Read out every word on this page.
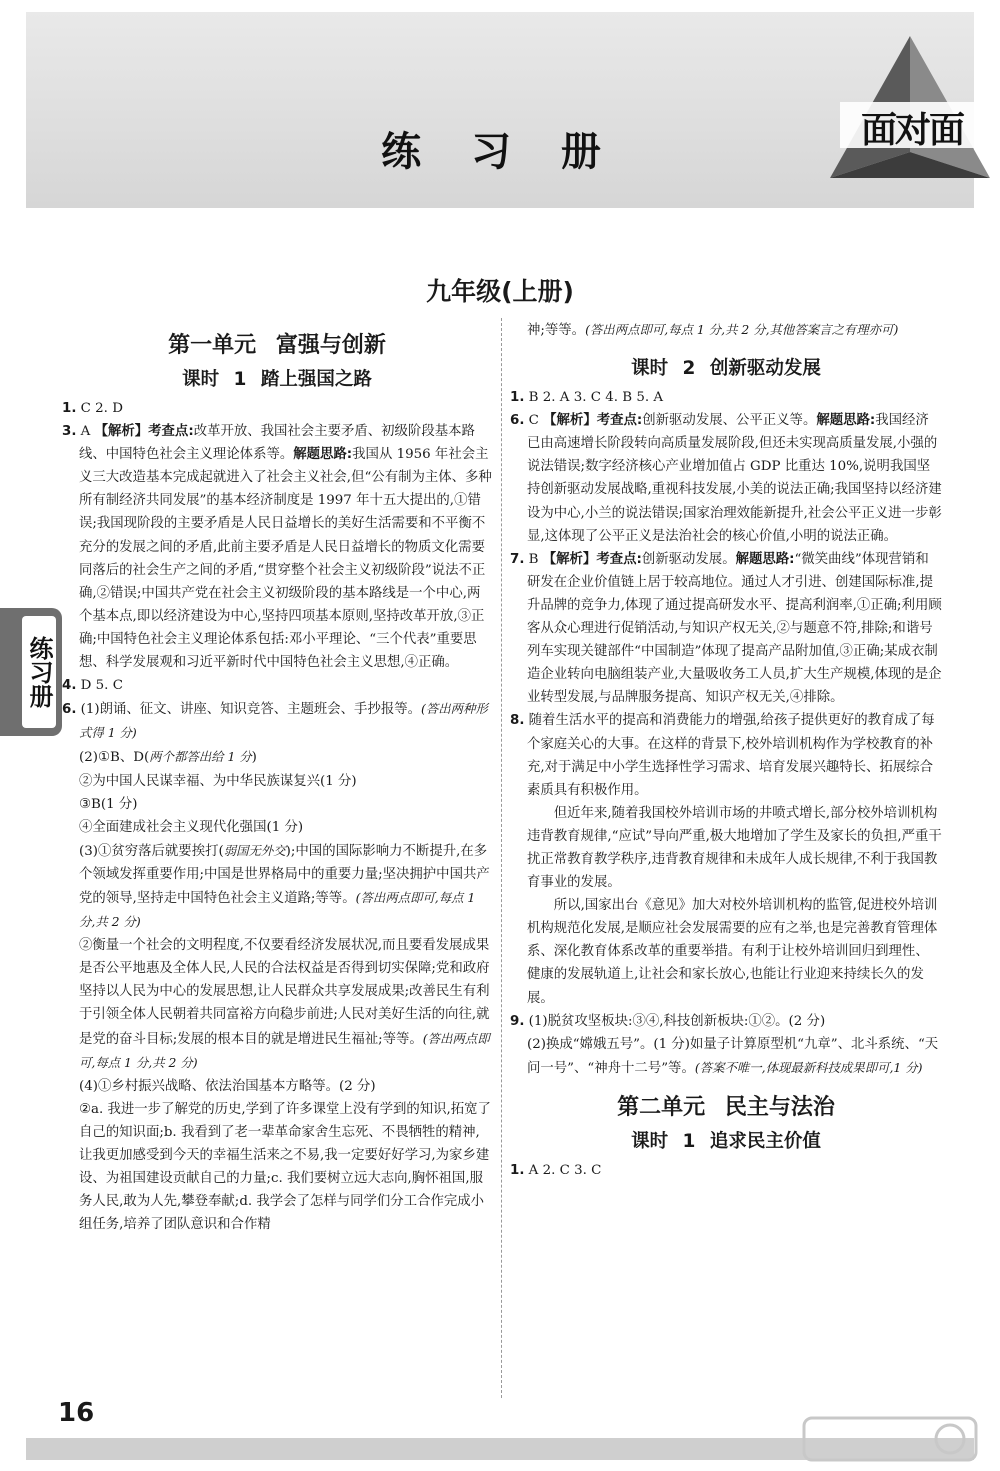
练 习 册	面对面
九年级(上册)
练习册
第一单元 富强与创新
课时 1 踏上强国之路

1. C 2. D

3. A 【解析】考查点:改革开放、我国社会主要矛盾、初级阶段基本路线、中国特色社会主义理论体系等。解题思路:我国从 1956 年社会主义三大改造基本完成起就进入了社会主义社会,但“公有制为主体、多种所有制经济共同发展”的基本经济制度是 1997 年十五大提出的,①错误;我国现阶段的主要矛盾是人民日益增长的美好生活需要和不平衡不充分的发展之间的矛盾,此前主要矛盾是人民日益增长的物质文化需要同落后的社会生产之间的矛盾,“贯穿整个社会主义初级阶段”说法不正确,②错误;中国共产党在社会主义初级阶段的基本路线是一个中心,两个基本点,即以经济建设为中心,坚持四项基本原则,坚持改革开放,③正确;中国特色社会主义理论体系包括:邓小平理论、“三个代表”重要思想、科学发展观和习近平新时代中国特色社会主义思想,④正确。

4. D 5. C

6. (1)朗诵、征文、讲座、知识竞答、主题班会、手抄报等。(答出两种形式得 1 分)

(2)①B、D(两个都答出给 1 分)

②为中国人民谋幸福、为中华民族谋复兴(1 分)

③B(1 分)

④全面建成社会主义现代化强国(1 分)

(3)①贫穷落后就要挨打(弱国无外交);中国的国际影响力不断提升,在多个领域发挥重要作用;中国是世界格局中的重要力量;坚决拥护中国共产党的领导,坚持走中国特色社会主义道路;等等。(答出两点即可,每点 1 分,共 2 分)

②衡量一个社会的文明程度,不仅要看经济发展状况,而且要看发展成果是否公平地惠及全体人民,人民的合法权益是否得到切实保障;党和政府坚持以人民为中心的发展思想,让人民群众共享发展成果;改善民生有利于引领全体人民朝着共同富裕方向稳步前进;人民对美好生活的向往,就是党的奋斗目标;发展的根本目的就是增进民生福祉;等等。(答出两点即可,每点 1 分,共 2 分)

(4)①乡村振兴战略、依法治国基本方略等。(2 分)

②a. 我进一步了解党的历史,学到了许多课堂上没有学到的知识,拓宽了自己的知识面;b. 我看到了老一辈革命家舍生忘死、不畏牺牲的精神,让我更加感受到今天的幸福生活来之不易,我一定要好好学习,为家乡建设、为祖国建设贡献自己的力量;c. 我们要树立远大志向,胸怀祖国,服务人民,敢为人先,攀登奉献;d. 我学会了怎样与同学们分工合作完成小组任务,培养了团队意识和合作精

神;等等。(答出两点即可,每点 1 分,共 2 分,其他答案言之有理亦可)

课时 2 创新驱动发展

1. B 2. A 3. C 4. B 5. A

6. C 【解析】考查点:创新驱动发展、公平正义等。解题思路:我国经济已由高速增长阶段转向高质量发展阶段,但还未实现高质量发展,小强的说法错误;数字经济核心产业增加值占 GDP 比重达 10%,说明我国坚持创新驱动发展战略,重视科技发展,小美的说法正确;我国坚持以经济建设为中心,小兰的说法错误;国家治理效能新提升,社会公平正义进一步彰显,这体现了公平正义是法治社会的核心价值,小明的说法正确。

7. B 【解析】考查点:创新驱动发展。解题思路:“微笑曲线”体现营销和研发在企业价值链上居于较高地位。通过人才引进、创建国际标准,提升品牌的竞争力,体现了通过提高研发水平、提高利润率,①正确;利用顾客从众心理进行促销活动,与知识产权无关,②与题意不符,排除;和谐号列车实现关键部件“中国制造”体现了提高产品附加值,③正确;某成衣制造企业转向电脑组装产业,大量吸收务工人员,扩大生产规模,体现的是企业转型发展,与品牌服务提高、知识产权无关,④排除。

8. 随着生活水平的提高和消费能力的增强,给孩子提供更好的教育成了每个家庭关心的大事。在这样的背景下,校外培训机构作为学校教育的补充,对于满足中小学生选择性学习需求、培育发展兴趣特长、拓展综合素质具有积极作用。

但近年来,随着我国校外培训市场的井喷式增长,部分校外培训机构违背教育规律,“应试”导向严重,极大地增加了学生及家长的负担,严重干扰正常教育教学秩序,违背教育规律和未成年人成长规律,不利于我国教育事业的发展。

所以,国家出台《意见》加大对校外培训机构的监管,促进校外培训机构规范化发展,是顺应社会发展需要的应有之举,也是完善教育管理体系、深化教育体系改革的重要举措。有利于让校外培训回归到理性、健康的发展轨道上,让社会和家长放心,也能让行业迎来持续长久的发展。

9. (1)脱贫攻坚板块:③④,科技创新板块:①②。(2 分)

(2)换成“嫦娥五号”。(1 分)如量子计算原型机“九章”、北斗系统、“天问一号”、“神舟十二号”等。(答案不唯一,体现最新科技成果即可,1 分)

第二单元 民主与法治
课时 1 追求民主价值

1. A 2. C 3. C

16
